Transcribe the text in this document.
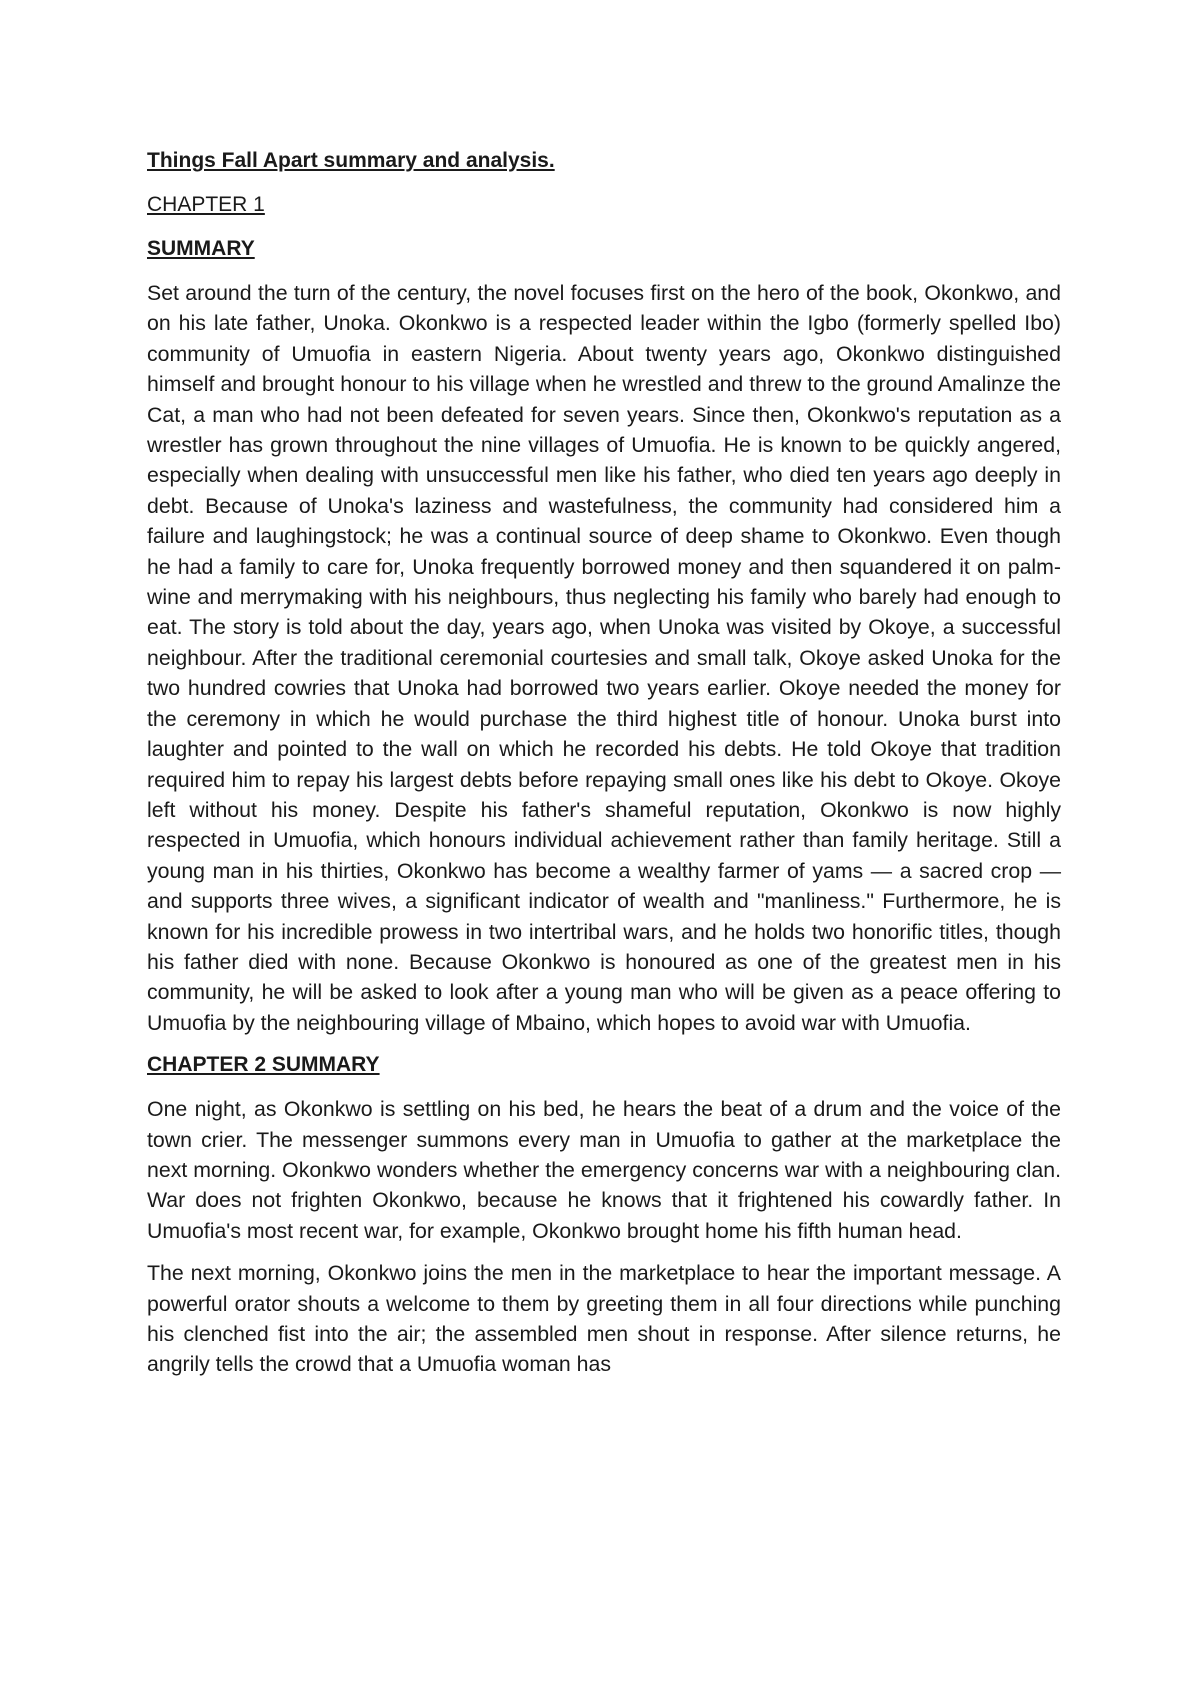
Things Fall Apart summary and analysis.
CHAPTER 1
SUMMARY

Set around the turn of the century, the novel focuses first on the hero of the book, Okonkwo, and on his late father, Unoka. Okonkwo is a respected leader within the Igbo (formerly spelled Ibo) community of Umuofia in eastern Nigeria. About twenty years ago, Okonkwo distinguished himself and brought honour to his village when he wrestled and threw to the ground Amalinze the Cat, a man who had not been defeated for seven years. Since then, Okonkwo's reputation as a wrestler has grown throughout the nine villages of Umuofia. He is known to be quickly angered, especially when dealing with unsuccessful men like his father, who died ten years ago deeply in debt. Because of Unoka's laziness and wastefulness, the community had considered him a failure and laughingstock; he was a continual source of deep shame to Okonkwo. Even though he had a family to care for, Unoka frequently borrowed money and then squandered it on palm-wine and merrymaking with his neighbours, thus neglecting his family who barely had enough to eat. The story is told about the day, years ago, when Unoka was visited by Okoye, a successful neighbour. After the traditional ceremonial courtesies and small talk, Okoye asked Unoka for the two hundred cowries that Unoka had borrowed two years earlier. Okoye needed the money for the ceremony in which he would purchase the third highest title of honour. Unoka burst into laughter and pointed to the wall on which he recorded his debts. He told Okoye that tradition required him to repay his largest debts before repaying small ones like his debt to Okoye. Okoye left without his money. Despite his father's shameful reputation, Okonkwo is now highly respected in Umuofia, which honours individual achievement rather than family heritage. Still a young man in his thirties, Okonkwo has become a wealthy farmer of yams — a sacred crop — and supports three wives, a significant indicator of wealth and "manliness." Furthermore, he is known for his incredible prowess in two intertribal wars, and he holds two honorific titles, though his father died with none. Because Okonkwo is honoured as one of the greatest men in his community, he will be asked to look after a young man who will be given as a peace offering to Umuofia by the neighbouring village of Mbaino, which hopes to avoid war with Umuofia.

CHAPTER 2 SUMMARY

One night, as Okonkwo is settling on his bed, he hears the beat of a drum and the voice of the town crier. The messenger summons every man in Umuofia to gather at the marketplace the next morning. Okonkwo wonders whether the emergency concerns war with a neighbouring clan. War does not frighten Okonkwo, because he knows that it frightened his cowardly father. In Umuofia's most recent war, for example, Okonkwo brought home his fifth human head.

The next morning, Okonkwo joins the men in the marketplace to hear the important message. A powerful orator shouts a welcome to them by greeting them in all four directions while punching his clenched fist into the air; the assembled men shout in response. After silence returns, he angrily tells the crowd that a Umuofia woman has
